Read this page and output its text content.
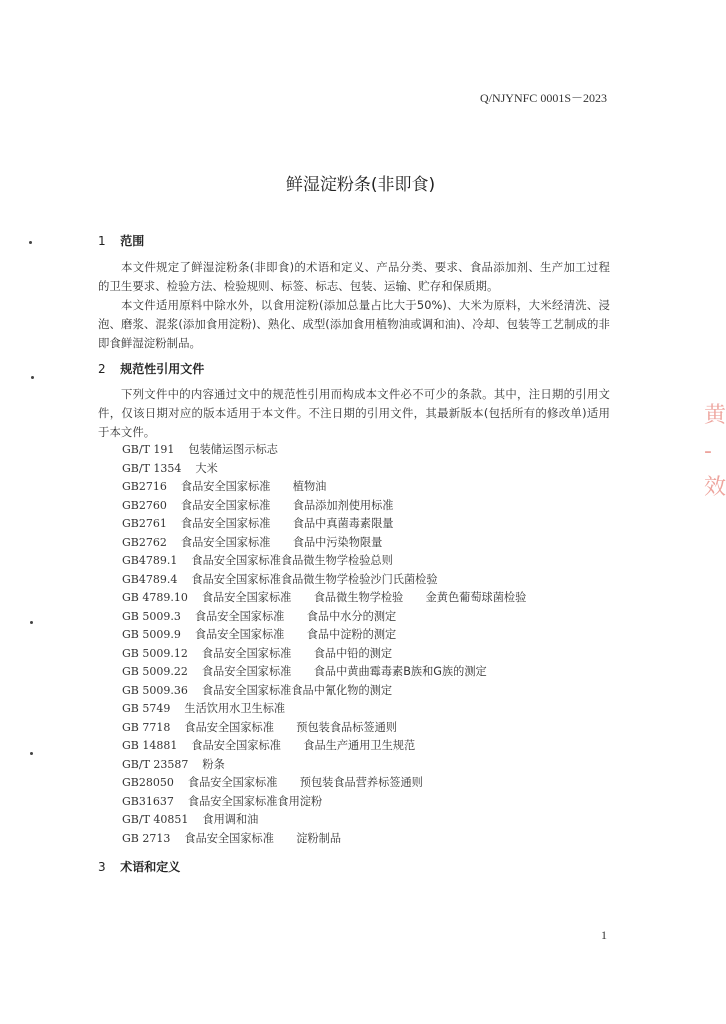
Q/NJYNFC 0001S－2023
鲜湿淀粉条(非即食)
1 范围
本文件规定了鲜湿淀粉条(非即食)的术语和定义、产品分类、要求、食品添加剂、生产加工过程的卫生要求、检验方法、检验规则、标签、标志、包装、运输、贮存和保质期。
本文件适用原料中除水外，以食用淀粉(添加总量占比大于50%)、大米为原料，大米经清洗、浸泡、磨浆、混浆(添加食用淀粉)、熟化、成型(添加食用植物油或调和油)、冷却、包装等工艺制成的非即食鲜湿淀粉制品。
2 规范性引用文件
下列文件中的内容通过文中的规范性引用而构成本文件必不可少的条款。其中，注日期的引用文件，仅该日期对应的版本适用于本文件。不注日期的引用文件，其最新版本(包括所有的修改单)适用于本文件。
GB/T 191 包装储运图示标志
GB/T 1354 大米
GB2716 食品安全国家标准　　植物油
GB2760 食品安全国家标准　　食品添加剂使用标准
GB2761 食品安全国家标准　　食品中真菌毒素限量
GB2762 食品安全国家标准　　食品中污染物限量
GB4789.1 食品安全国家标准食品微生物学检验总则
GB4789.4 食品安全国家标准食品微生物学检验沙门氏菌检验
GB 4789.10 食品安全国家标准　　食品微生物学检验　　金黄色葡萄球菌检验
GB 5009.3 食品安全国家标准　　食品中水分的测定
GB 5009.9 食品安全国家标准　　食品中淀粉的测定
GB 5009.12 食品安全国家标准　　食品中铅的测定
GB 5009.22 食品安全国家标准　　食品中黄曲霉毒素B族和G族的测定
GB 5009.36 食品安全国家标准食品中氰化物的测定
GB 5749 生活饮用水卫生标准
GB 7718 食品安全国家标准　　预包装食品标签通则
GB 14881 食品安全国家标准　　食品生产通用卫生规范
GB/T 23587 粉条
GB28050 食品安全国家标准　　预包装食品营养标签通则
GB31637 食品安全国家标准食用淀粉
GB/T 40851 食用调和油
GB 2713 食品安全国家标准　　淀粉制品
3 术语和定义
1
黄
-
效
